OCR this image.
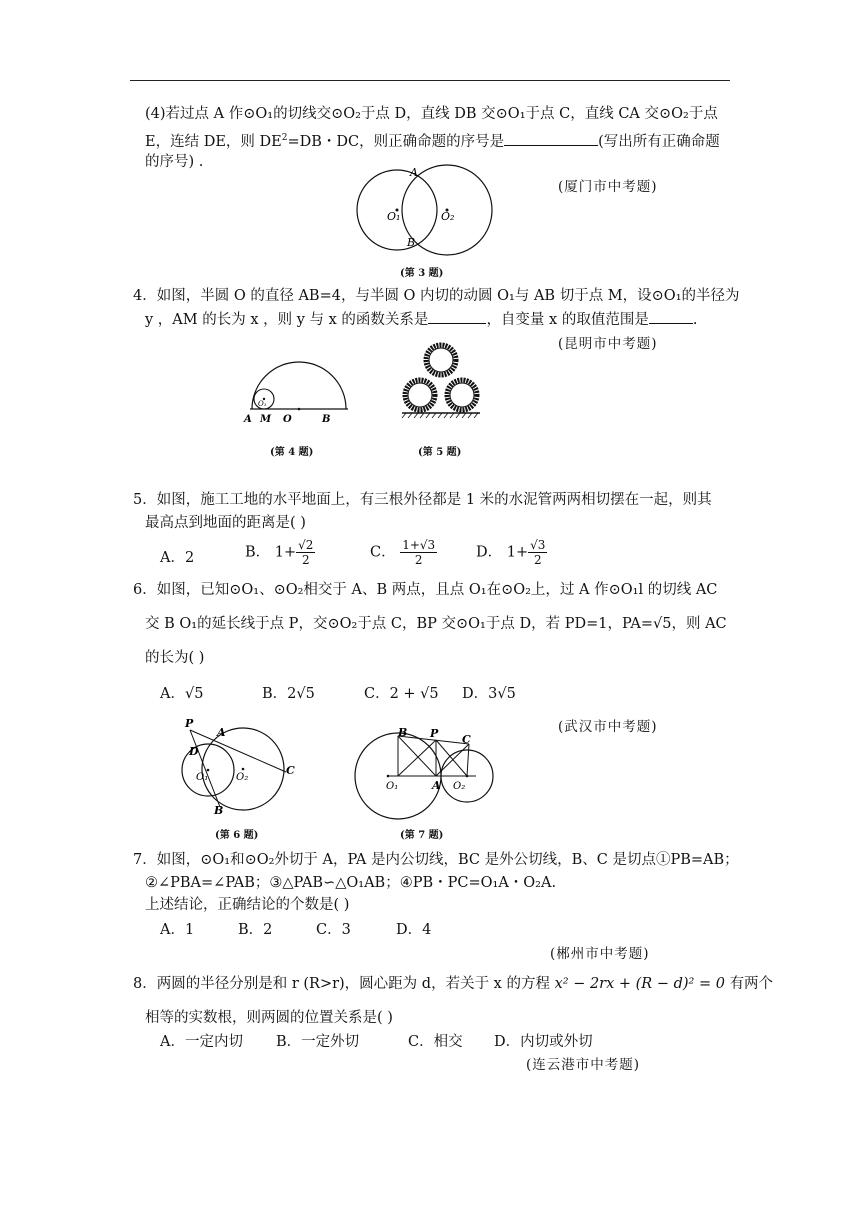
(4)若过点 A 作⊙O₁的切线交⊙O₂于点 D，直线 DB 交⊙O₁于点 C，直线 CA 交⊙O₂于点
E，连结 DE，则 $DE^2=DB$・DC，则正确命题的序号是	(写出所有正确命题
的序号) .
A
B
O₁	O₂
(厦门市中考题)
(第 3 题)
4．如图，半圆 O 的直径 AB=4，与半圆 O 内切的动圆 O₁与 AB 切于点 M，设⊙O₁的半径为
y ，AM 的长为 x ，则 y 与 x 的函数关系是	，自变量 x 的取值范围是	.
(昆明市中考题)
O₁
A M O	B
(第 4 题)	(第 5 题)
5．如图，施工工地的水平地面上，有三根外径都是 1 米的水泥管两两相切摆在一起，则其
最高点到地面的距离是( )
A．2	B． $1+ \frac{√2}{2}$	C． $\frac{1+√3}{2}$	D． $1+ \frac{√3}{2}$
6．如图，已知⊙O₁、⊙O₂相交于 A、B 两点，且点 O₁在⊙O₂上，过 A 作⊙O₁l 的切线 AC
交 B O₁的延长线于点 P，交⊙O₂于点 C，BP 交⊙O₁于点 D，若 PD=1，PA=√5，则 AC
的长为( )
A．√5	B．2√5	C．2 + √5 D．3√5
P
A
D
O₁	O₂
C
B
(第 6 题)
B P C
O₁	A O₂
(武汉市中考题)
(第 7 题)
7．如图，⊙O₁和⊙O₂外切于 A，PA 是内公切线，BC 是外公切线，B、C 是切点①PB=AB；
②∠PBA=∠PAB；③△PAB∽△O₁AB；④PB・PC=O₁A・O₂A.
上述结论，正确结论的个数是( )
A．1	B．2	C．3	D．4
(郴州市中考题)
8．两圆的半径分别是和 r (R>r)，圆心距为 d，若关于 x 的方程 x² − 2rx + (R − d)² = 0 有两个
相等的实数根，则两圆的位置关系是( )
A．一定内切 B．一定外切	C．相交 D．内切或外切
(连云港市中考题)
